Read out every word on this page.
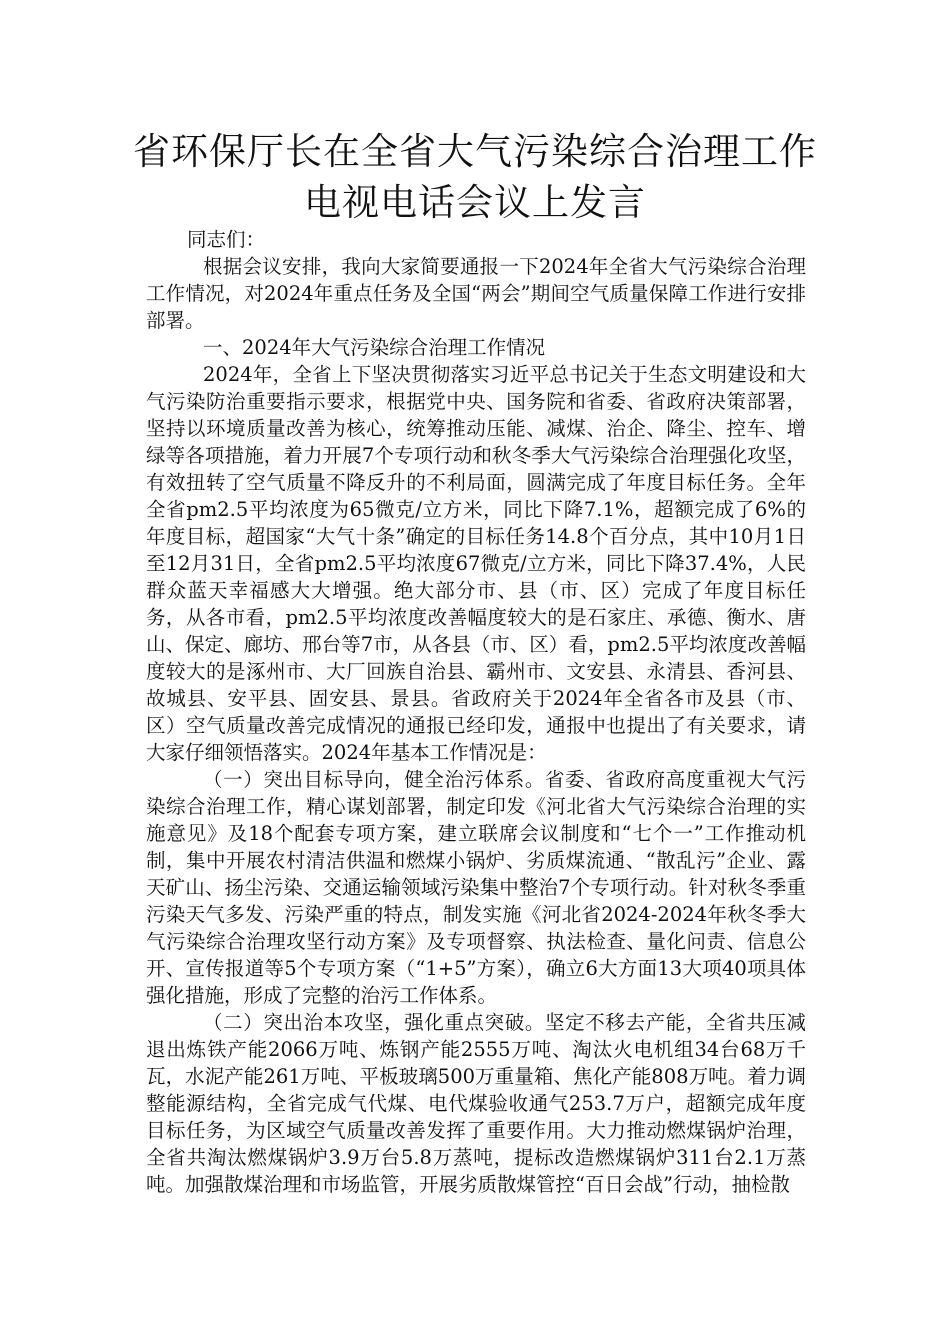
省环保厅长在全省大气污染综合治理工作
电视电话会议上发言

同志们：

根据会议安排，我向大家简要通报一下2024年全省大气污染综合治理工作情况，对2024年重点任务及全国“两会”期间空气质量保障工作进行安排部署。

一、2024年大气污染综合治理工作情况

2024年，全省上下坚决贯彻落实习近平总书记关于生态文明建设和大气污染防治重要指示要求，根据党中央、国务院和省委、省政府决策部署，坚持以环境质量改善为核心，统筹推动压能、减煤、治企、降尘、控车、增绿等各项措施，着力开展7个专项行动和秋冬季大气污染综合治理强化攻坚，有效扭转了空气质量不降反升的不利局面，圆满完成了年度目标任务。全年全省pm2.5平均浓度为65微克/立方米，同比下降7.1%，超额完成了6%的年度目标，超国家“大气十条”确定的目标任务14.8个百分点，其中10月1日至12月31日，全省pm2.5平均浓度67微克/立方米，同比下降37.4%，人民群众蓝天幸福感大大增强。绝大部分市、县（市、区）完成了年度目标任务，从各市看，pm2.5平均浓度改善幅度较大的是石家庄、承德、衡水、唐山、保定、廊坊、邢台等7市，从各县（市、区）看，pm2.5平均浓度改善幅度较大的是涿州市、大厂回族自治县、霸州市、文安县、永清县、香河县、故城县、安平县、固安县、景县。省政府关于2024年全省各市及县（市、区）空气质量改善完成情况的通报已经印发，通报中也提出了有关要求，请大家仔细领悟落实。2024年基本工作情况是：

（一）突出目标导向，健全治污体系。省委、省政府高度重视大气污染综合治理工作，精心谋划部署，制定印发《河北省大气污染综合治理的实施意见》及18个配套专项方案，建立联席会议制度和“七个一”工作推动机制，集中开展农村清洁供温和燃煤小锅炉、劣质煤流通、“散乱污”企业、露天矿山、扬尘污染、交通运输领域污染集中整治7个专项行动。针对秋冬季重污染天气多发、污染严重的特点，制发实施《河北省2024-2024年秋冬季大气污染综合治理攻坚行动方案》及专项督察、执法检查、量化问责、信息公开、宣传报道等5个专项方案（“1+5”方案），确立6大方面13大项40项具体强化措施，形成了完整的治污工作体系。

（二）突出治本攻坚，强化重点突破。坚定不移去产能，全省共压减退出炼铁产能2066万吨、炼钢产能2555万吨、淘汰火电机组34台68万千瓦，水泥产能261万吨、平板玻璃500万重量箱、焦化产能808万吨。着力调整能源结构，全省完成气代煤、电代煤验收通气253.7万户，超额完成年度目标任务，为区域空气质量改善发挥了重要作用。大力推动燃煤锅炉治理，全省共淘汰燃煤锅炉3.9万台5.8万蒸吨，提标改造燃煤锅炉311台2.1万蒸吨。加强散煤治理和市场监管，开展劣质散煤管控“百日会战”行动，抽检散
